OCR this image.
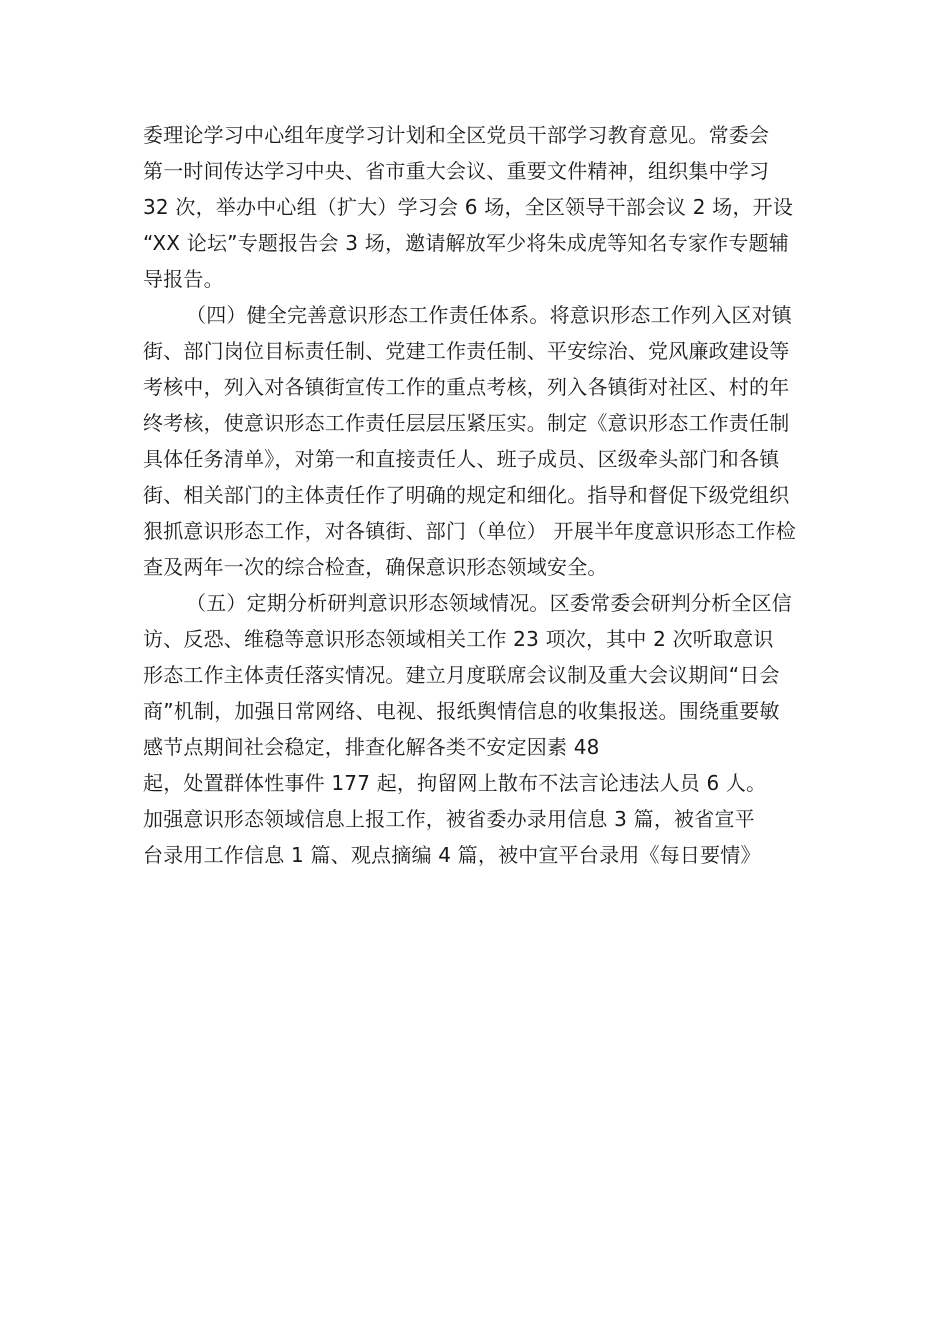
委理论学习中心组年度学习计划和全区党员干部学习教育意见。常委会
第一时间传达学习中央、省市重大会议、重要文件精神，组织集中学习
32 次，举办中心组（扩大）学习会 6 场，全区领导干部会议 2 场，开设
“XX 论坛”专题报告会 3 场，邀请解放军少将朱成虎等知名专家作专题辅
导报告。
（四）健全完善意识形态工作责任体系。将意识形态工作列入区对镇
街、部门岗位目标责任制、党建工作责任制、平安综治、党风廉政建设等
考核中，列入对各镇街宣传工作的重点考核，列入各镇街对社区、村的年
终考核，使意识形态工作责任层层压紧压实。制定《意识形态工作责任制
具体任务清单》，对第一和直接责任人、班子成员、区级牵头部门和各镇
街、相关部门的主体责任作了明确的规定和细化。指导和督促下级党组织
狠抓意识形态工作，对各镇街、部门（单位） 开展半年度意识形态工作检
查及两年一次的综合检查，确保意识形态领域安全。
（五）定期分析研判意识形态领域情况。区委常委会研判分析全区信
访、反恐、维稳等意识形态领域相关工作 23 项次，其中 2 次听取意识
形态工作主体责任落实情况。建立月度联席会议制及重大会议期间“日会
商”机制，加强日常网络、电视、报纸舆情信息的收集报送。围绕重要敏
感节点期间社会稳定，排查化解各类不安定因素 48
起，处置群体性事件 177 起，拘留网上散布不法言论违法人员 6 人。
加强意识形态领域信息上报工作，被省委办录用信息 3 篇，被省宣平
台录用工作信息 1 篇、观点摘编 4 篇，被中宣平台录用《每日要情》
